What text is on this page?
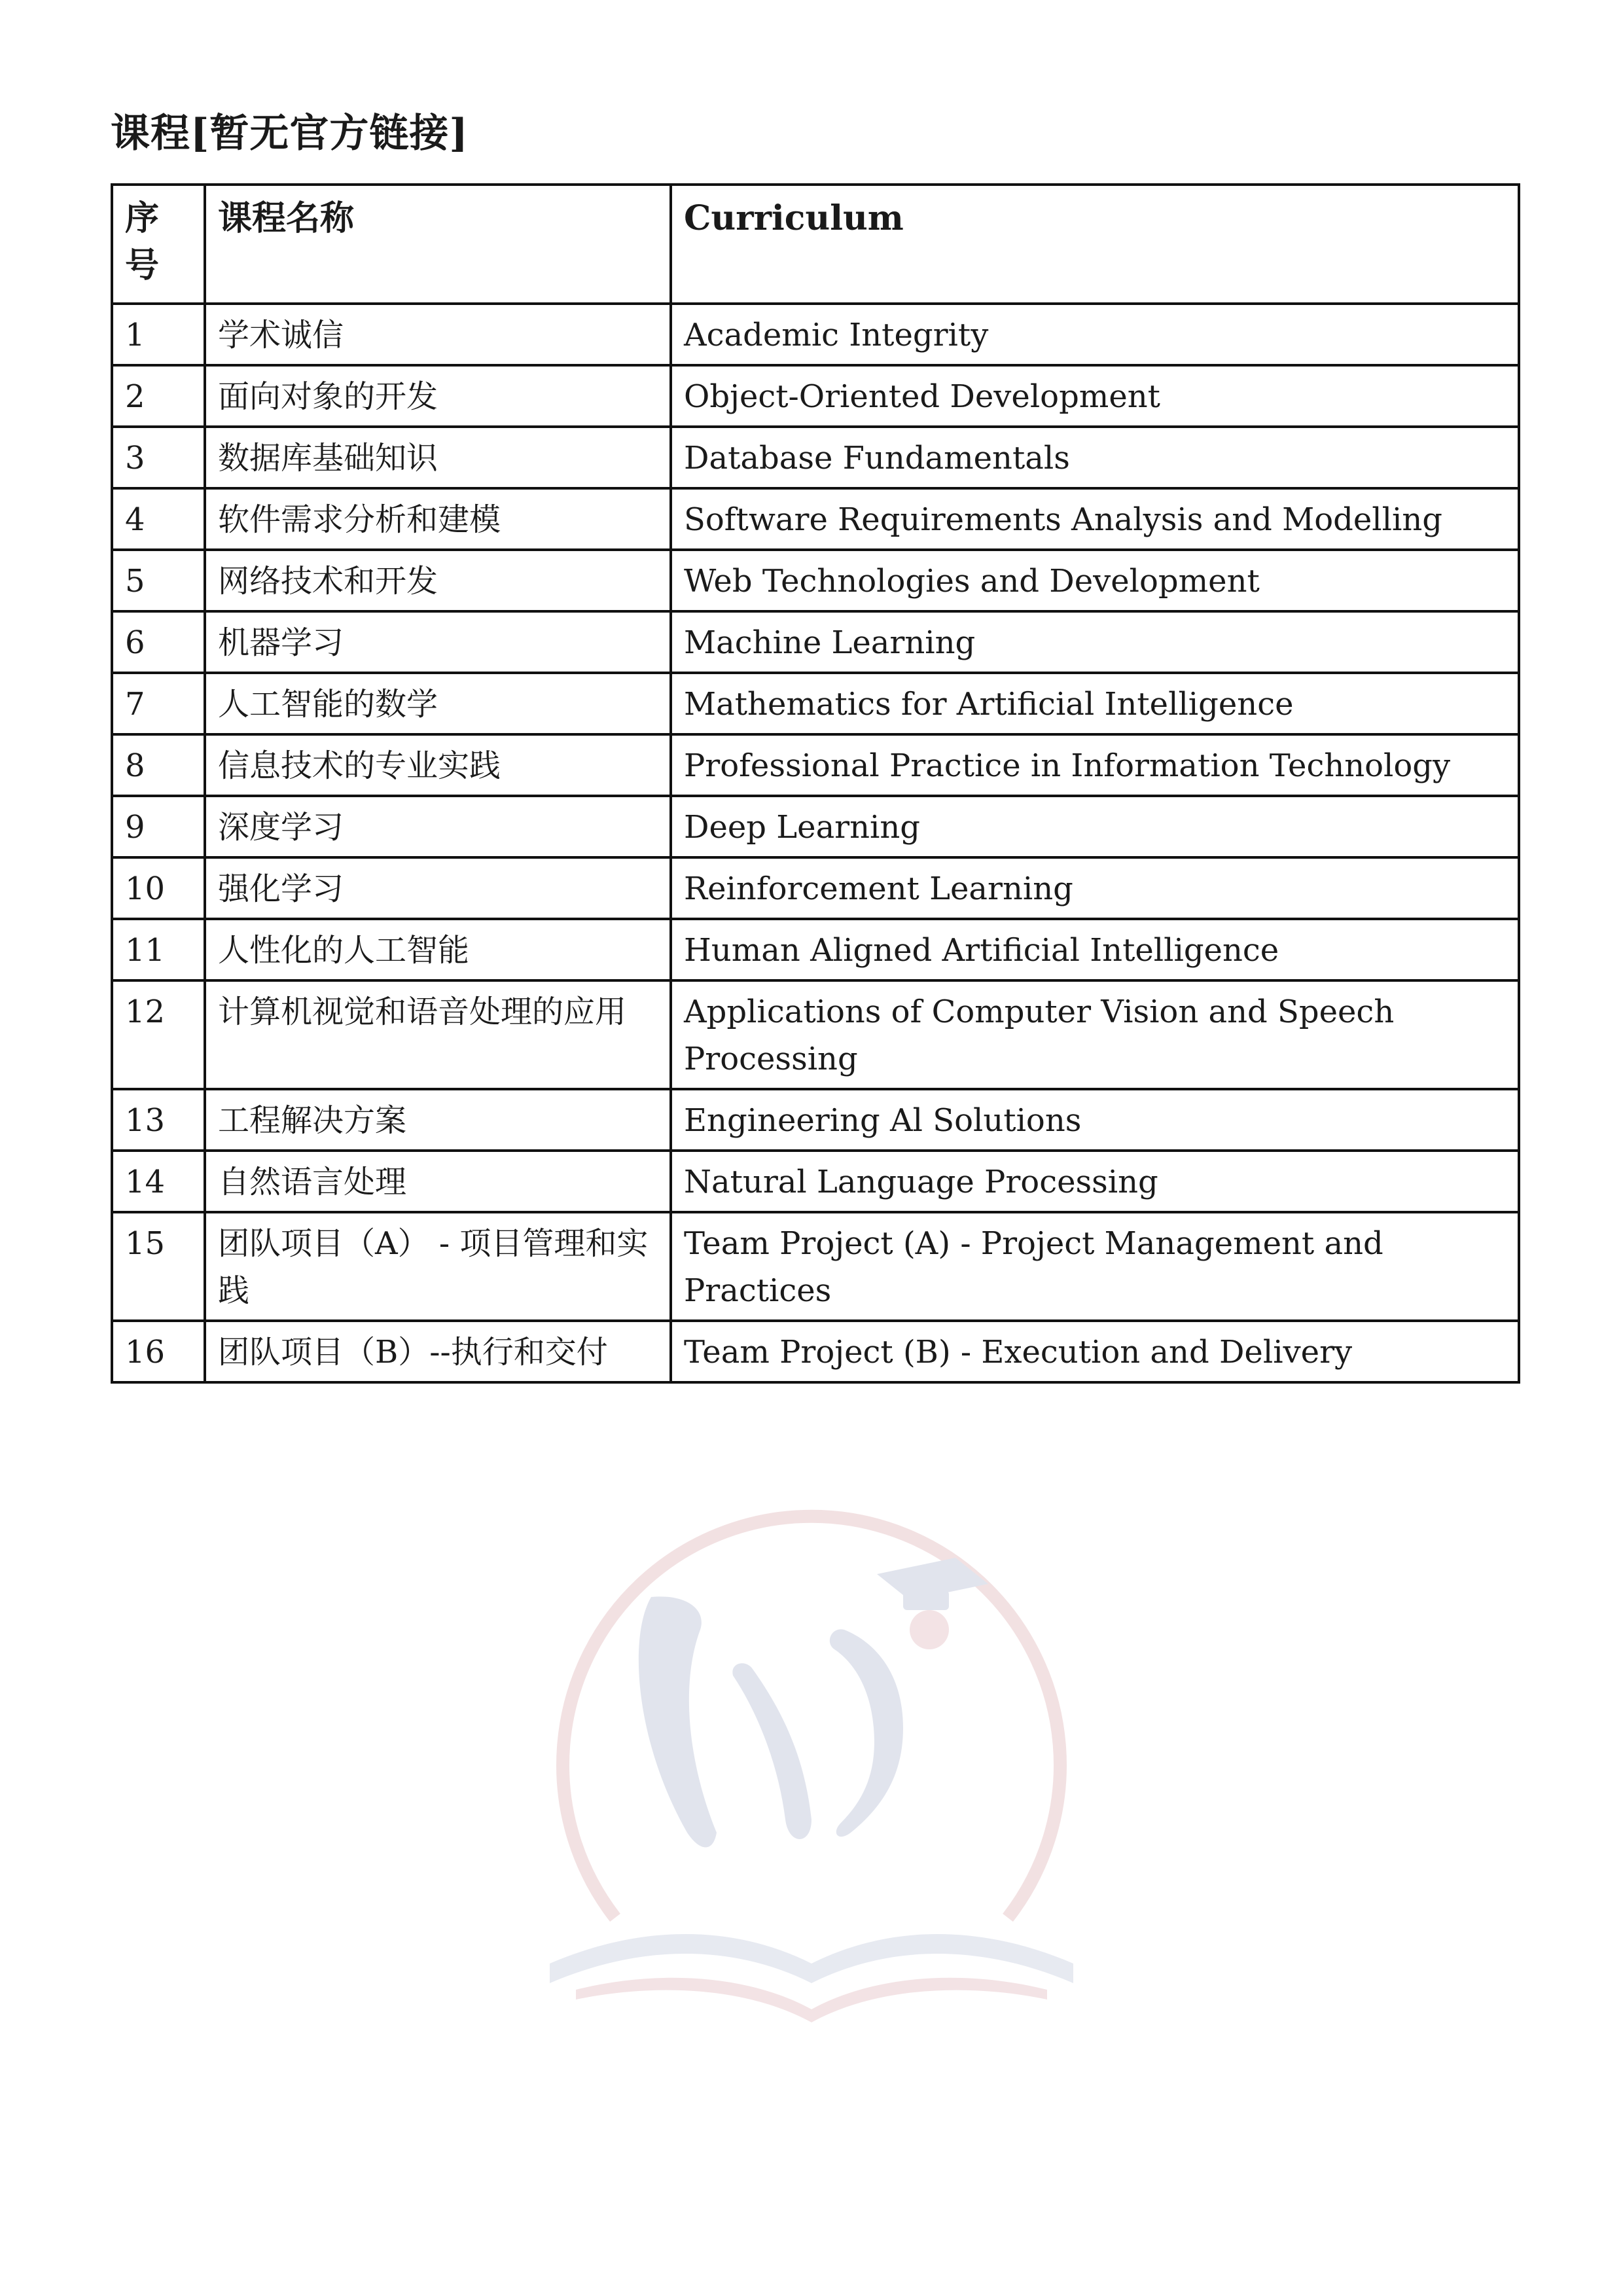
课程[暂无官方链接]
序号	课程名称	Curriculum
1	学术诚信	Academic Integrity
2	面向对象的开发	Object-Oriented Development
3	数据库基础知识	Database Fundamentals
4	软件需求分析和建模	Software Requirements Analysis and Modelling
5	网络技术和开发	Web Technologies and Development
6	机器学习	Machine Learning
7	人工智能的数学	Mathematics for Artificial Intelligence
8	信息技术的专业实践	Professional Practice in Information Technology
9	深度学习	Deep Learning
10	强化学习	Reinforcement Learning
11	人性化的人工智能	Human Aligned Artificial Intelligence
12	计算机视觉和语音处理的应用	Applications of Computer Vision and Speech Processing
13	工程解决方案	Engineering Al Solutions
14	自然语言处理	Natural Language Processing
15	团队项目（A） - 项目管理和实践	Team Project (A) - Project Management and Practices
16	团队项目（B）--执行和交付	Team Project (B) - Execution and Delivery
